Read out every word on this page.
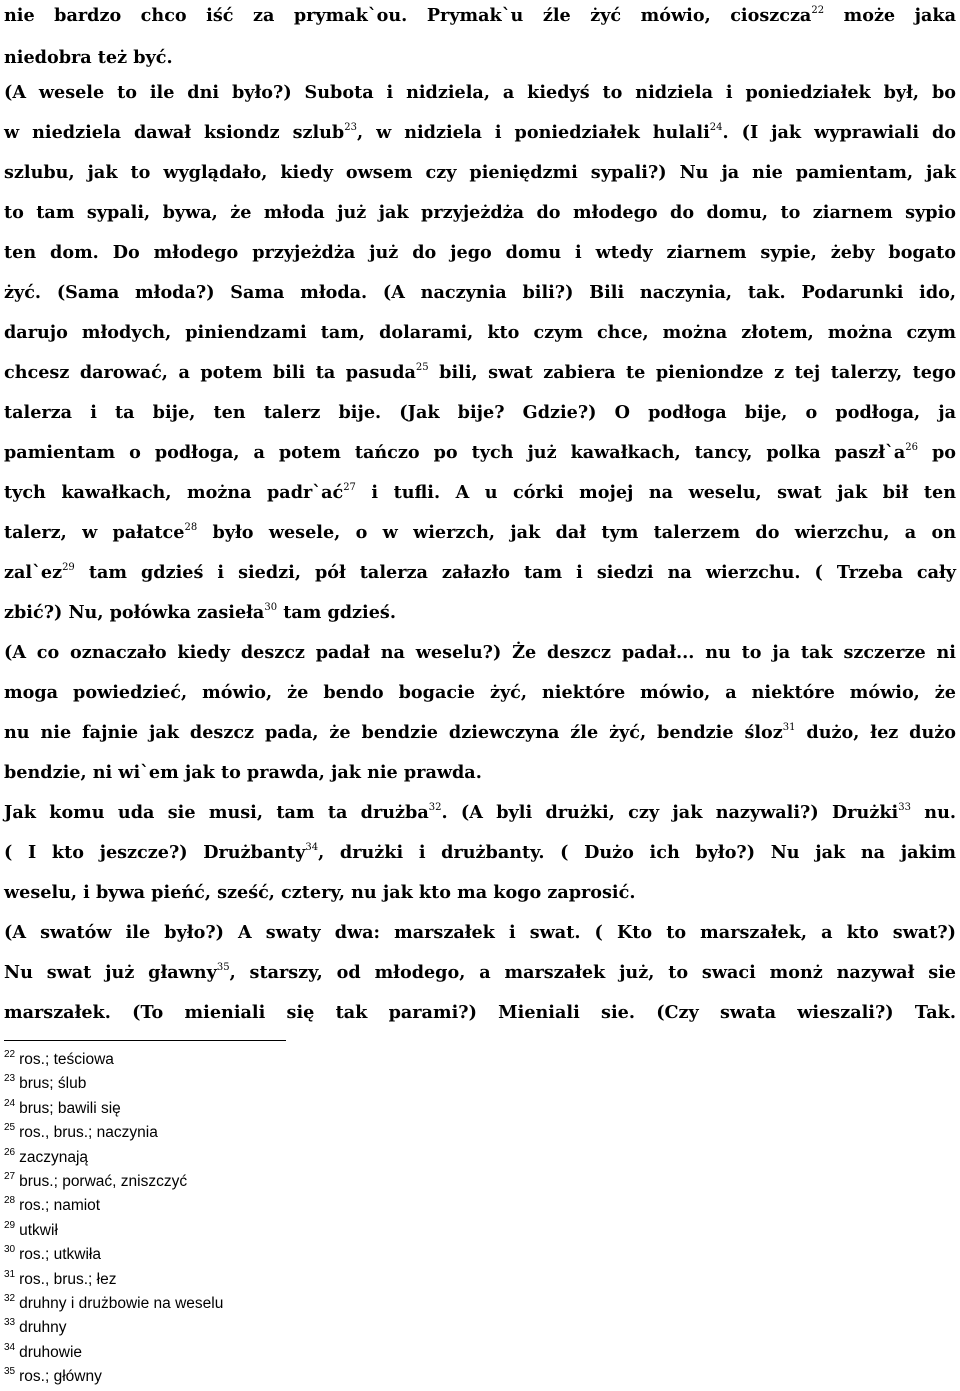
nie bardzo chco iść za prymak`ou. Prymak`u źle żyć mówio, cioszcza$^{22}$ może jaka
niedobra też być.
(A wesele to ile dni było?) Subota i nidziela, a kiedyś to nidziela i poniedziałek był, bo
w niedziela dawał ksiondz szlub$^{23}$, w nidziela i poniedziałek hulali$^{24}$. (I jak wyprawiali do
szlubu, jak to wyglądało, kiedy owsem czy pieniędzmi sypali?) Nu ja nie pamientam, jak
to tam sypali, bywa, że młoda już jak przyjeżdża do młodego do domu, to ziarnem sypio
ten dom. Do młodego przyjeżdża już do jego domu i wtedy ziarnem sypie, żeby bogato
żyć. (Sama młoda?) Sama młoda. (A naczynia bili?) Bili naczynia, tak. Podarunki ido,
darujo młodych, piniendzami tam, dolarami, kto czym chce, można złotem, można czym
chcesz darować, a potem bili ta pasuda$^{25}$ bili, swat zabiera te pieniondze z tej talerzy, tego
talerza i ta bije, ten talerz bije. (Jak bije? Gdzie?) O podłoga bije, o podłoga, ja
pamientam o podłoga, a potem tańczo po tych już kawałkach, tancy, polka $paszł`a^{26}$ po
tych kawałkach, można $padr`ać^{27}$ i tufli. A u córki mojej na weselu, swat jak bił ten
talerz, w pałatce$^{28}$ było wesele, o w wierzch, jak dał tym talerzem do wierzchu, a on
$zal`ez^{29}$ tam gdzieś i siedzi, pół talerza załazło tam i siedzi na wierzchu. ( Trzeba cały
zbić?) Nu, połówka zasieła$^{30}$ tam gdzieś.
(A co oznaczało kiedy deszcz padał na weselu?) Że deszcz padał... nu to ja tak szczerze ni
moga powiedzieć, mówio, że bendo bogacie żyć, niektóre mówio, a niektóre mówio, że
nu nie fajnie jak deszcz pada, że bendzie dziewczyna źle żyć, bendzie śloz$^{31}$ dużo, łez dużo
bendzie, ni wi`em jak to prawda, jak nie prawda.
Jak komu uda sie musi, tam ta drużba$^{32}$. (A byli drużki, czy jak nazywali?) Drużki$^{33}$ nu.
( I kto jeszcze?) Drużbanty$^{34}$, drużki i drużbanty. ( Dużo ich było?) Nu jak na jakim
weselu, i bywa pieńć, sześć, cztery, nu jak kto ma kogo zaprosić.
(A swatów ile było?) A swaty dwa: marszałek i swat. ( Kto to marszałek, a kto swat?)
Nu swat już gławny$^{35}$, starszy, od młodego, a marszałek już, to swaci monż nazywał sie
marszałek. (To mieniali się tak parami?) Mieniali sie. (Czy swata wieszali?) Tak.
$^{22}$ ros.; teściowa
$^{23}$ brus; ślub
$^{24}$ brus; bawili się
$^{25}$ ros., brus.; naczynia
$^{26}$ zaczynają
$^{27}$ brus.; porwać, zniszczyć
$^{28}$ ros.; namiot
$^{29}$ utkwił
$^{30}$ ros.; utkwiła
$^{31}$ ros., brus.; łez
$^{32}$ druhny i drużbowie na weselu
$^{33}$ druhny
$^{34}$ druhowie
$^{35}$ ros.; główny
